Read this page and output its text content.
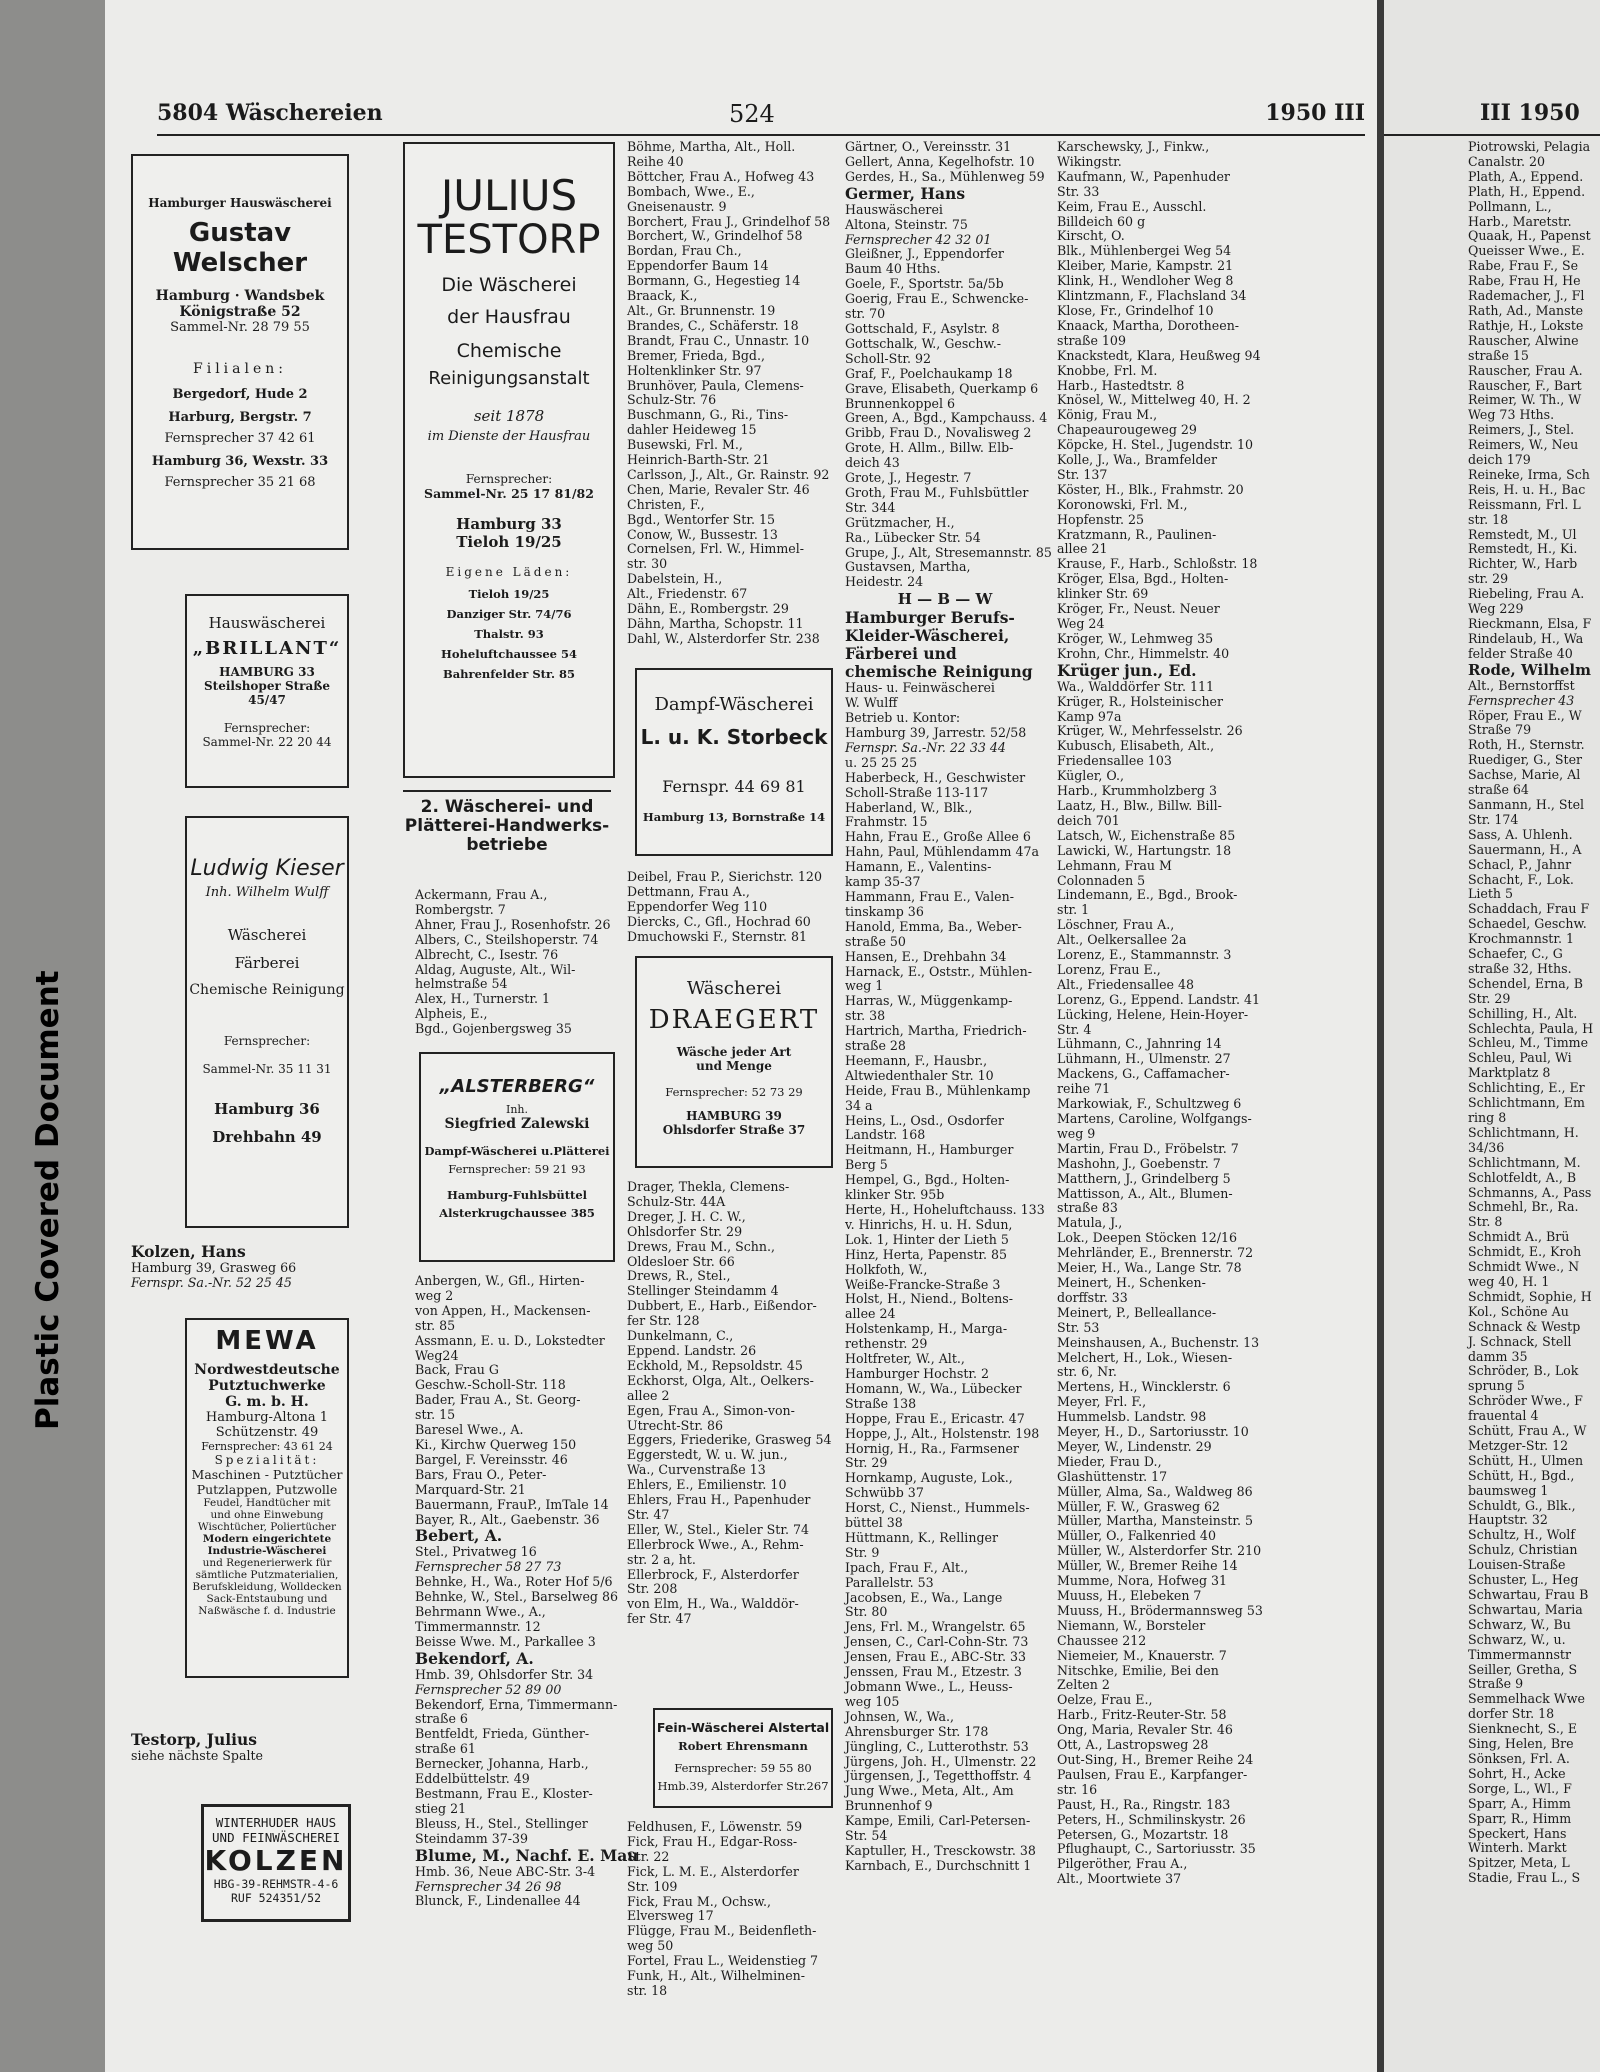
Plastic Covered Document
5804 Wäschereien	524	1950 III

Hamburger Hauswäscherei

Gustav Welscher

Hamburg · Wandsbek

Königstraße 52

Sammel-Nr. 28 79 55

Filialen:

Bergedorf, Hude 2

Harburg, Bergstr. 7

Fernsprecher 37 42 61

Hamburg 36, Wexstr. 33

Fernsprecher 35 21 68

Hauswäscherei

„BRILLANT“

HAMBURG 33

Steilshoper Straße 45/47

Fernsprecher:

Sammel-Nr. 22 20 44

Ludwig Kieser

Inh. Wilhelm Wulff

Wäscherei

Färberei

Chemische Reinigung

Fernsprecher:

Sammel-Nr. 35 11 31

Hamburg 36

Drehbahn 49

Kolzen, Hans

Hamburg 39, Grasweg 66

Fernspr. Sa.-Nr. 52 25 45

Testorp, Julius

siehe nächste Spalte

MEWA

Nordwestdeutsche

Putztuchwerke

G. m. b. H.

Hamburg-Altona 1

Schützenstr. 49

Fernsprecher: 43 61 24

Spezialität:

Maschinen - Putztücher

Putzlappen, Putzwolle

Feudel, Handtücher mit

und ohne Einwebung

Wischtücher, Poliertücher

Modern eingerichtete

Industrie-Wäscherei

und Regenerierwerk für

sämtliche Putzmaterialien,

Berufskleidung, Wolldecken

Sack-Entstaubung und

Naßwäsche f. d. Industrie

WINTERHUDER HAUS

UND FEINWÄSCHEREI

KOLZEN

HBG-39-REHMSTR-4-6

RUF 524351/52

JULIUS

TESTORP

Die Wäscherei

der Hausfrau

Chemische

Reinigungsanstalt

seit 1878

im Dienste der Hausfrau

Fernsprecher:

Sammel-Nr. 25 17 81/82

Hamburg 33

Tieloh 19/25

Eigene Läden:

Tieloh 19/25

Danziger Str. 74/76

Thalstr. 93

Hoheluftchaussee 54

Bahrenfelder Str. 85

2. Wäscherei- und

Plätterei-Handwerks-

betriebe

Ackermann, Frau A.,

Rombergstr. 7

Ahner, Frau J., Rosenhofstr. 26

Albers, C., Steilshoperstr. 74

Albrecht, C., Isestr. 76

Aldag, Auguste, Alt., Wil-

helmstraße 54

Alex, H., Turnerstr. 1

Alpheis, E.,

Bgd., Gojenbergsweg 35

„ALSTERBERG“

Inh.

Siegfried Zalewski

Dampf-Wäscherei u.Plätterei

Fernsprecher: 59 21 93

Hamburg-Fuhlsbüttel

Alsterkrugchaussee 385

Anbergen, W., Gfl., Hirten-

weg 2

von Appen, H., Mackensen-

str. 85

Assmann, E. u. D., Lokstedter

Weg24

Back, Frau G

Geschw.-Scholl-Str. 118

Bader, Frau A., St. Georg-

str. 15

Baresel Wwe., A.

Ki., Kirchw Querweg 150

Bargel, F. Vereinsstr. 46

Bars, Frau O., Peter-

Marquard-Str. 21

Bauermann, FrauP., ImTale 14

Bayer, R., Alt., Gaebenstr. 36

Bebert, A.

Stel., Privatweg 16

Fernsprecher 58 27 73

Behnke, H., Wa., Roter Hof 5/6

Behnke, W., Stel., Barselweg 86

Behrmann Wwe., A.,

Timmermannstr. 12

Beisse Wwe. M., Parkallee 3

Bekendorf, A.

Hmb. 39, Ohlsdorfer Str. 34

Fernsprecher 52 89 00

Bekendorf, Erna, Timmermann-

straße 6

Bentfeldt, Frieda, Günther-

straße 61

Bernecker, Johanna, Harb.,

Eddelbüttelstr. 49

Bestmann, Frau E., Kloster-

stieg 21

Bleuss, H., Stel., Stellinger

Steindamm 37-39

Blume, M., Nachf. E. Mau

Hmb. 36, Neue ABC-Str. 3-4

Fernsprecher 34 26 98

Blunck, F., Lindenallee 44

Böhme, Martha, Alt., Holl.

Reihe 40

Böttcher, Frau A., Hofweg 43

Bombach, Wwe., E.,

Gneisenaustr. 9

Borchert, Frau J., Grindelhof 58

Borchert, W., Grindelhof 58

Bordan, Frau Ch.,

Eppendorfer Baum 14

Bormann, G., Hegestieg 14

Braack, K.,

Alt., Gr. Brunnenstr. 19

Brandes, C., Schäferstr. 18

Brandt, Frau C., Unnastr. 10

Bremer, Frieda, Bgd.,

Holtenklinker Str. 97

Brunhöver, Paula, Clemens-

Schulz-Str. 76

Buschmann, G., Ri., Tins-

dahler Heideweg 15

Busewski, Frl. M.,

Heinrich-Barth-Str. 21

Carlsson, J., Alt., Gr. Rainstr. 92

Chen, Marie, Revaler Str. 46

Christen, F.,

Bgd., Wentorfer Str. 15

Conow, W., Bussestr. 13

Cornelsen, Frl. W., Himmel-

str. 30

Dabelstein, H.,

Alt., Friedenstr. 67

Dähn, E., Rombergstr. 29

Dähn, Martha, Schopstr. 11

Dahl, W., Alsterdorfer Str. 238

Dampf-Wäscherei

L. u. K. Storbeck

Fernspr. 44 69 81

Hamburg 13, Bornstraße 14

Deibel, Frau P., Sierichstr. 120

Dettmann, Frau A.,

Eppendorfer Weg 110

Diercks, C., Gfl., Hochrad 60

Dmuchowski F., Sternstr. 81

Wäscherei

DRAEGERT

Wäsche jeder Art

und Menge

Fernsprecher: 52 73 29

HAMBURG 39

Ohlsdorfer Straße 37

Drager, Thekla, Clemens-

Schulz-Str. 44A

Dreger, J. H. C. W.,

Ohlsdorfer Str. 29

Drews, Frau M., Schn.,

Oldesloer Str. 66

Drews, R., Stel.,

Stellinger Steindamm 4

Dubbert, E., Harb., Eißendor-

fer Str. 128

Dunkelmann, C.,

Eppend. Landstr. 26

Eckhold, M., Repsoldstr. 45

Eckhorst, Olga, Alt., Oelkers-

allee 2

Egen, Frau A., Simon-von-

Utrecht-Str. 86

Eggers, Friederike, Grasweg 54

Eggerstedt, W. u. W. jun.,

Wa., Curvenstraße 13

Ehlers, E., Emilienstr. 10

Ehlers, Frau H., Papenhuder

Str. 47

Eller, W., Stel., Kieler Str. 74

Ellerbrock Wwe., A., Rehm-

str. 2 a, ht.

Ellerbrock, F., Alsterdorfer

Str. 208

von Elm, H., Wa., Walddör-

fer Str. 47

Fein-Wäscherei Alstertal

Robert Ehrensmann

Fernsprecher: 59 55 80

Hmb.39, Alsterdorfer Str.267

Feldhusen, F., Löwenstr. 59

Fick, Frau H., Edgar-Ross-

Str. 22

Fick, L. M. E., Alsterdorfer

Str. 109

Fick, Frau M., Ochsw.,

Elversweg 17

Flügge, Frau M., Beidenfleth-

weg 50

Fortel, Frau L., Weidenstieg 7

Funk, H., Alt., Wilhelminen-

str. 18

Gärtner, O., Vereinsstr. 31

Gellert, Anna, Kegelhofstr. 10

Gerdes, H., Sa., Mühlenweg 59

Germer, Hans

Hauswäscherei

Altona, Steinstr. 75

Fernsprecher 42 32 01

Gleißner, J., Eppendorfer

Baum 40 Hths.

Goele, F., Sportstr. 5a/5b

Goerig, Frau E., Schwencke-

str. 70

Gottschald, F., Asylstr. 8

Gottschalk, W., Geschw.-

Scholl-Str. 92

Graf, F., Poelchaukamp 18

Grave, Elisabeth, Querkamp 6

Brunnenkoppel 6

Green, A., Bgd., Kampchauss. 4

Gribb, Frau D., Novalisweg 2

Grote, H. Allm., Billw. Elb-

deich 43

Grote, J., Hegestr. 7

Groth, Frau M., Fuhlsbüttler

Str. 344

Grützmacher, H.,

Ra., Lübecker Str. 54

Grupe, J., Alt, Stresemannstr. 85

Gustavsen, Martha,

Heidestr. 24

H — B — W

Hamburger Berufs-

Kleider-Wäscherei,

Färberei und

chemische Reinigung

Haus- u. Feinwäscherei

W. Wulff

Betrieb u. Kontor:

Hamburg 39, Jarrestr. 52/58

Fernspr. Sa.-Nr. 22 33 44

u. 25 25 25

Haberbeck, H., Geschwister

Scholl-Straße 113-117

Haberland, W., Blk.,

Frahmstr. 15

Hahn, Frau E., Große Allee 6

Hahn, Paul, Mühlendamm 47a

Hamann, E., Valentins-

kamp 35-37

Hammann, Frau E., Valen-

tinskamp 36

Hanold, Emma, Ba., Weber-

straße 50

Hansen, E., Drehbahn 34

Harnack, E., Oststr., Mühlen-

weg 1

Harras, W., Müggenkamp-

str. 38

Hartrich, Martha, Friedrich-

straße 28

Heemann, F., Hausbr.,

Altwiedenthaler Str. 10

Heide, Frau B., Mühlenkamp

34 a

Heins, L., Osd., Osdorfer

Landstr. 168

Heitmann, H., Hamburger

Berg 5

Hempel, G., Bgd., Holten-

klinker Str. 95b

Herte, H., Hoheluftchauss. 133

v. Hinrichs, H. u. H. Sdun,

Lok. 1, Hinter der Lieth 5

Hinz, Herta, Papenstr. 85

Holkfoth, W.,

Weiße-Francke-Straße 3

Holst, H., Niend., Boltens-

allee 24

Holstenkamp, H., Marga-

rethenstr. 29

Holtfreter, W., Alt.,

Hamburger Hochstr. 2

Homann, W., Wa., Lübecker

Straße 138

Hoppe, Frau E., Ericastr. 47

Hoppe, J., Alt., Holstenstr. 198

Hornig, H., Ra., Farmsener

Str. 29

Hornkamp, Auguste, Lok.,

Schwübb 37

Horst, C., Nienst., Hummels-

büttel 38

Hüttmann, K., Rellinger

Str. 9

Ipach, Frau F., Alt.,

Parallelstr. 53

Jacobsen, E., Wa., Lange

Str. 80

Jens, Frl. M., Wrangelstr. 65

Jensen, C., Carl-Cohn-Str. 73

Jensen, Frau E., ABC-Str. 33

Jenssen, Frau M., Etzestr. 3

Jobmann Wwe., L., Heuss-

weg 105

Johnsen, W., Wa.,

Ahrensburger Str. 178

Jüngling, C., Lutterothstr. 53

Jürgens, Joh. H., Ulmenstr. 22

Jürgensen, J., Tegetthoffstr. 4

Jung Wwe., Meta, Alt., Am

Brunnenhof 9

Kampe, Emili, Carl-Petersen-

Str. 54

Kaptuller, H., Tresckowstr. 38

Karnbach, E., Durchschnitt 1

Karschewsky, J., Finkw.,

Wikingstr.

Kaufmann, W., Papenhuder

Str. 33

Keim, Frau E., Ausschl.

Billdeich 60 g

Kirscht, O.

Blk., Mühlenbergei Weg 54

Kleiber, Marie, Kampstr. 21

Klink, H., Wendloher Weg 8

Klintzmann, F., Flachsland 34

Klose, Fr., Grindelhof 10

Knaack, Martha, Dorotheen-

straße 109

Knackstedt, Klara, Heußweg 94

Knobbe, Frl. M.

Harb., Hastedtstr. 8

Knösel, W., Mittelweg 40, H. 2

König, Frau M.,

Chapeaurougeweg 29

Köpcke, H. Stel., Jugendstr. 10

Kolle, J., Wa., Bramfelder

Str. 137

Köster, H., Blk., Frahmstr. 20

Koronowski, Frl. M.,

Hopfenstr. 25

Kratzmann, R., Paulinen-

allee 21

Krause, F., Harb., Schloßstr. 18

Kröger, Elsa, Bgd., Holten-

klinker Str. 69

Kröger, Fr., Neust. Neuer

Weg 24

Kröger, W., Lehmweg 35

Krohn, Chr., Himmelstr. 40

Krüger jun., Ed.

Wa., Walddörfer Str. 111

Krüger, R., Holsteinischer

Kamp 97a

Krüger, W., Mehrfesselstr. 26

Kubusch, Elisabeth, Alt.,

Friedensallee 103

Kügler, O.,

Harb., Krummholzberg 3

Laatz, H., Blw., Billw. Bill-

deich 701

Latsch, W., Eichenstraße 85

Lawicki, W., Hartungstr. 18

Lehmann, Frau M

Colonnaden 5

Lindemann, E., Bgd., Brook-

str. 1

Löschner, Frau A.,

Alt., Oelkersallee 2a

Lorenz, E., Stammannstr. 3

Lorenz, Frau E.,

Alt., Friedensallee 48

Lorenz, G., Eppend. Landstr. 41

Lücking, Helene, Hein-Hoyer-

Str. 4

Lühmann, C., Jahnring 14

Lühmann, H., Ulmenstr. 27

Mackens, G., Caffamacher-

reihe 71

Markowiak, F., Schultzweg 6

Martens, Caroline, Wolfgangs-

weg 9

Martin, Frau D., Fröbelstr. 7

Mashohn, J., Goebenstr. 7

Matthern, J., Grindelberg 5

Mattisson, A., Alt., Blumen-

straße 83

Matula, J.,

Lok., Deepen Stöcken 12/16

Mehrländer, E., Brennerstr. 72

Meier, H., Wa., Lange Str. 78

Meinert, H., Schenken-

dorffstr. 33

Meinert, P., Belleallance-

Str. 53

Meinshausen, A., Buchenstr. 13

Melchert, H., Lok., Wiesen-

str. 6, Nr.

Mertens, H., Wincklerstr. 6

Meyer, Frl. F.,

Hummelsb. Landstr. 98

Meyer, H., D., Sartoriusstr. 10

Meyer, W., Lindenstr. 29

Mieder, Frau D.,

Glashüttenstr. 17

Müller, Alma, Sa., Waldweg 86

Müller, F. W., Grasweg 62

Müller, Martha, Mansteinstr. 5

Müller, O., Falkenried 40

Müller, W., Alsterdorfer Str. 210

Müller, W., Bremer Reihe 14

Mumme, Nora, Hofweg 31

Muuss, H., Elebeken 7

Muuss, H., Brödermannsweg 53

Niemann, W., Borsteler

Chaussee 212

Niemeier, M., Knauerstr. 7

Nitschke, Emilie, Bei den

Zelten 2

Oelze, Frau E.,

Harb., Fritz-Reuter-Str. 58

Ong, Maria, Revaler Str. 46

Ott, A., Lastropsweg 28

Out-Sing, H., Bremer Reihe 24

Paulsen, Frau E., Karpfanger-

str. 16

Paust, H., Ra., Ringstr. 183

Peters, H., Schmilinskystr. 26

Petersen, G., Mozartstr. 18

Pflughaupt, C., Sartoriusstr. 35

Pilgeröther, Frau A.,

Alt., Moortwiete 37

III 1950

Piotrowski, Pelagia

Canalstr. 20

Plath, A., Eppend.

Plath, H., Eppend.

Pollmann, L.,

Harb., Maretstr.

Quaak, H., Papenst

Queisser Wwe., E.

Rabe, Frau F., Se

Rabe, Frau H, He

Rademacher, J., Fl

Rath, Ad., Manste

Rathje, H., Lokste

Rauscher, Alwine

straße 15

Rauscher, Frau A.

Rauscher, F., Bart

Reimer, W. Th., W

Weg 73 Hths.

Reimers, J., Stel.

Reimers, W., Neu

deich 179

Reineke, Irma, Sch

Reis, H. u. H., Bac

Reissmann, Frl. L

str. 18

Remstedt, M., Ul

Remstedt, H., Ki.

Richter, W., Harb

str. 29

Riebeling, Frau A.

Weg 229

Rieckmann, Elsa, F

Rindelaub, H., Wa

felder Straße 40

Rode, Wilhelm

Alt., Bernstorffst

Fernsprecher 43

Röper, Frau E., W

Straße 79

Roth, H., Sternstr.

Ruediger, G., Ster

Sachse, Marie, Al

straße 64

Sanmann, H., Stel

Str. 174

Sass, A. Uhlenh.

Sauermann, H., A

Schacl, P., Jahnr

Schacht, F., Lok.

Lieth 5

Schaddach, Frau F

Schaedel, Geschw.

Krochmannstr. 1

Schaefer, C., G

straße 32, Hths.

Schendel, Erna, B

Str. 29

Schilling, H., Alt.

Schlechta, Paula, H

Schleu, M., Timme

Schleu, Paul, Wi

Marktplatz 8

Schlichting, E., Er

Schlichtmann, Em

ring 8

Schlichtmann, H.

34/36

Schlichtmann, M.

Schlotfeldt, A., B

Schmanns, A., Pass

Schmehl, Br., Ra.

Str. 8

Schmidt A., Brü

Schmidt, E., Kroh

Schmidt Wwe., N

weg 40, H. 1

Schmidt, Sophie, H

Kol., Schöne Au

Schnack & Westp

J. Schnack, Stell

damm 35

Schröder, B., Lok

sprung 5

Schröder Wwe., F

frauental 4

Schütt, Frau A., W

Metzger-Str. 12

Schütt, H., Ulmen

Schütt, H., Bgd.,

baumsweg 1

Schuldt, G., Blk.,

Hauptstr. 32

Schultz, H., Wolf

Schulz, Christian

Louisen-Straße

Schuster, L., Heg

Schwartau, Frau B

Schwartau, Maria

Schwarz, W., Bu

Schwarz, W., u.

Timmermannstr

Seiller, Gretha, S

Straße 9

Semmelhack Wwe

dorfer Str. 18

Sienknecht, S., E

Sing, Helen, Bre

Sönksen, Frl. A.

Sohrt, H., Acke

Sorge, L., Wl., F

Sparr, A., Himm

Sparr, R., Himm

Speckert, Hans

Winterh. Markt

Spitzer, Meta, L

Stadie, Frau L., S
